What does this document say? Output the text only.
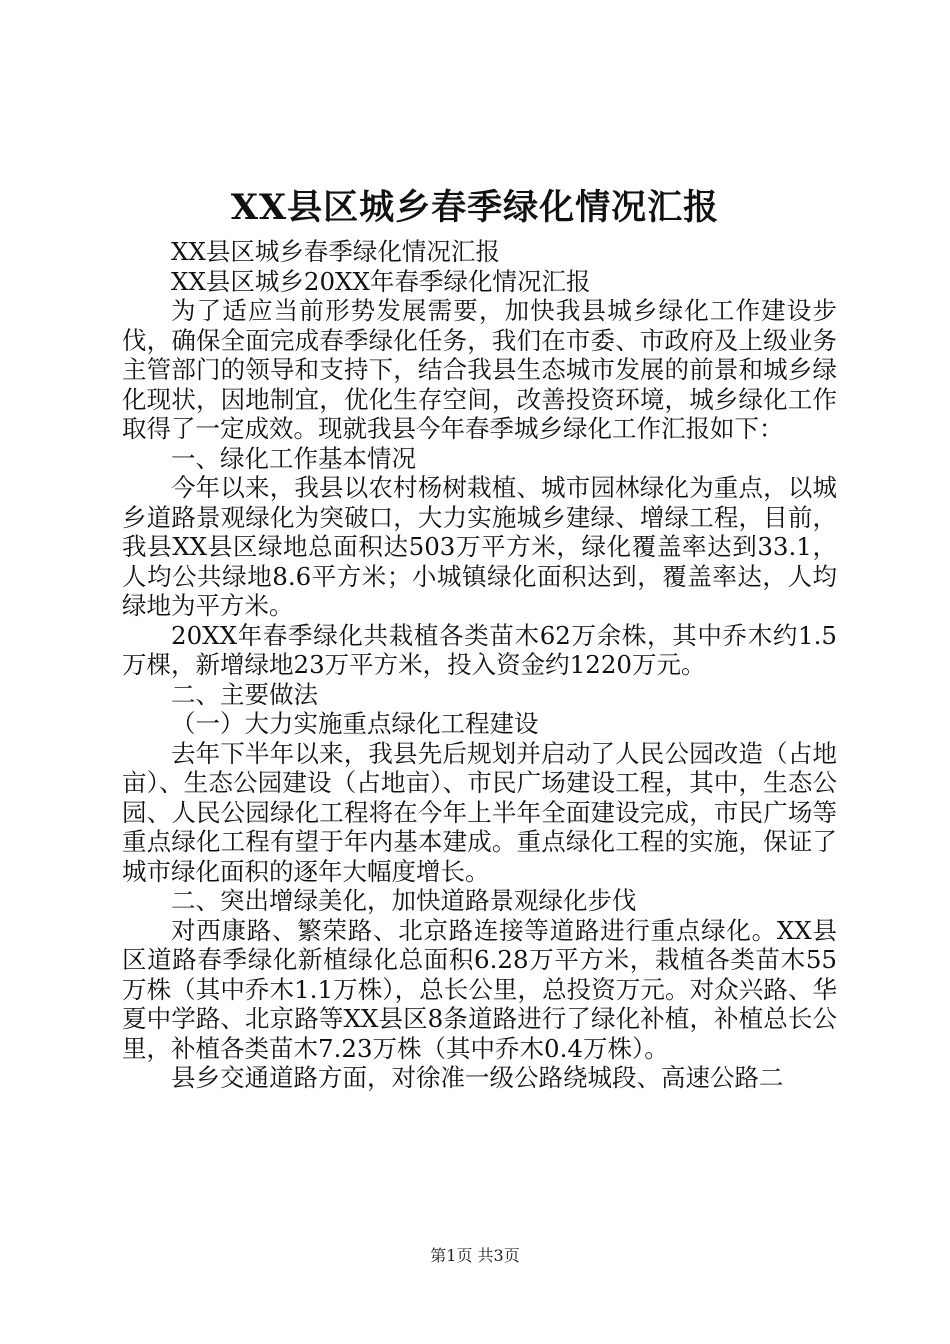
XX县区城乡春季绿化情况汇报

XX县区城乡春季绿化情况汇报

XX县区城乡20XX年春季绿化情况汇报

为了适应当前形势发展需要，加快我县城乡绿化工作建设步伐，确保全面完成春季绿化任务，我们在市委、市政府及上级业务主管部门的领导和支持下，结合我县生态城市发展的前景和城乡绿化现状，因地制宜，优化生存空间，改善投资环境，城乡绿化工作取得了一定成效。现就我县今年春季城乡绿化工作汇报如下：

一、绿化工作基本情况

今年以来，我县以农村杨树栽植、城市园林绿化为重点，以城乡道路景观绿化为突破口，大力实施城乡建绿、增绿工程，目前，我县XX县区绿地总面积达503万平方米，绿化覆盖率达到33.1，人均公共绿地8.6平方米；小城镇绿化面积达到，覆盖率达，人均绿地为平方米。

20XX年春季绿化共栽植各类苗木62万余株，其中乔木约1.5万棵，新增绿地23万平方米，投入资金约1220万元。

二、主要做法

（一）大力实施重点绿化工程建设

去年下半年以来，我县先后规划并启动了人民公园改造（占地亩）、生态公园建设（占地亩）、市民广场建设工程，其中，生态公园、人民公园绿化工程将在今年上半年全面建设完成，市民广场等重点绿化工程有望于年内基本建成。重点绿化工程的实施，保证了城市绿化面积的逐年大幅度增长。

二、突出增绿美化，加快道路景观绿化步伐

对西康路、繁荣路、北京路连接等道路进行重点绿化。XX县区道路春季绿化新植绿化总面积6.28万平方米，栽植各类苗木55万株（其中乔木1.1万株），总长公里，总投资万元。对众兴路、华夏中学路、北京路等XX县区8条道路进行了绿化补植，补植总长公里，补植各类苗木7.23万株（其中乔木0.4万株）。

县乡交通道路方面，对徐准一级公路绕城段、高速公路二

第1页 共3页
